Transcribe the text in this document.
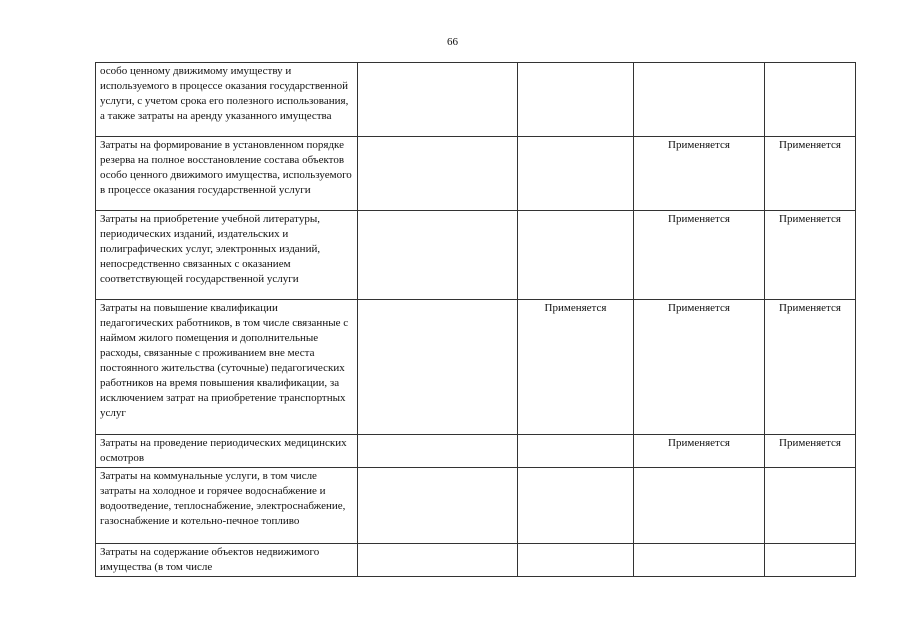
66
особо ценному движимому имуществу и используемого в процессе оказания государственной услуги, с учетом срока его полезного использования, а также затраты на аренду указанного имущества				
Затраты на формирование в установленном порядке резерва на полное восстановление состава объектов особо ценного движимого имущества, используемого в процессе оказания государственной услуги			Применяется	Применяется
Затраты на приобретение учебной литературы, периодических изданий, издательских и полиграфических услуг, электронных изданий, непосредственно связанных с оказанием соответствующей государственной услуги			Применяется	Применяется
Затраты на повышение квалификации педагогических работников, в том числе связанные с наймом жилого помещения и дополнительные расходы, связанные с проживанием вне места постоянного жительства (суточные) педагогических работников на время повышения квалификации, за исключением затрат на приобретение транспортных услуг		Применяется	Применяется	Применяется
Затраты на проведение периодических медицинских осмотров			Применяется	Применяется
Затраты на коммунальные услуги, в том числе затраты на холодное и горячее водоснабжение и водоотведение, теплоснабжение, электроснабжение, газоснабжение и котельно-печное топливо				
Затраты на содержание объектов недвижимого имущества (в том числе				
